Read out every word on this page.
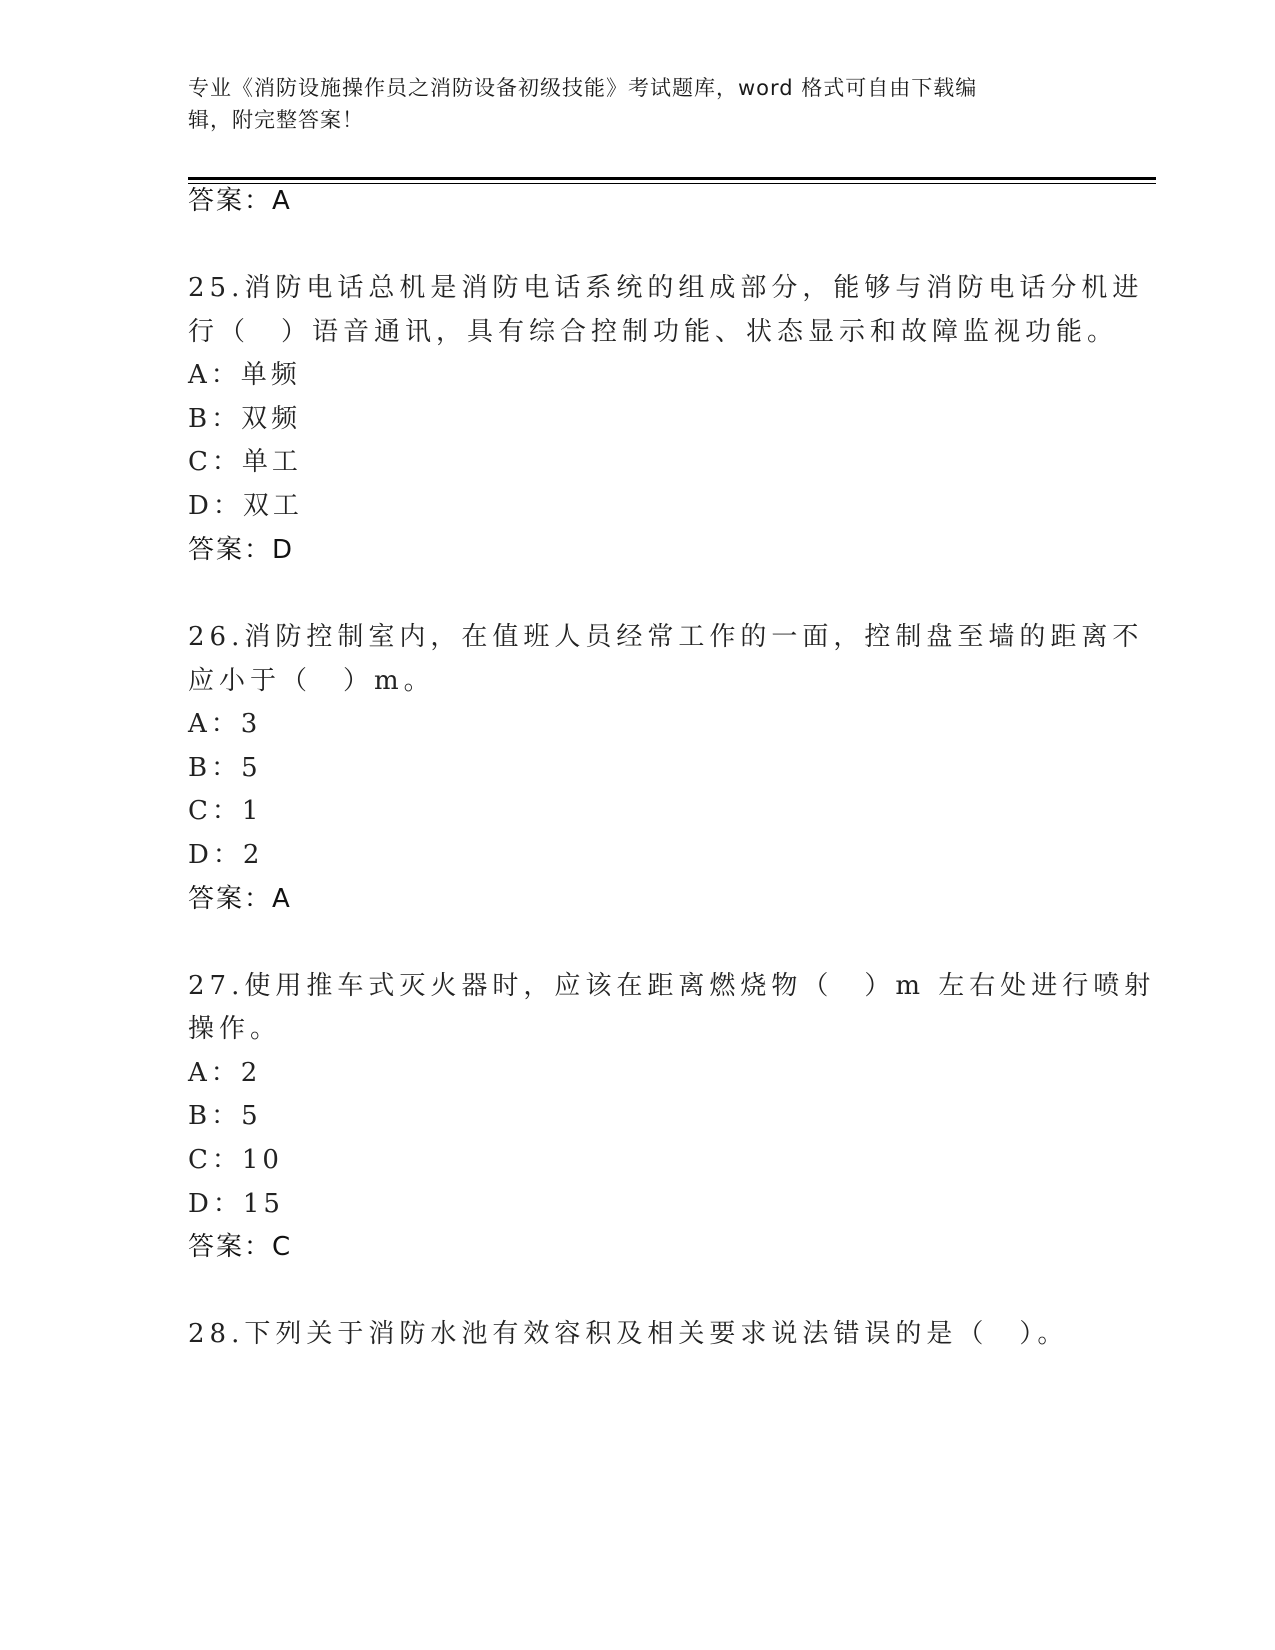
专业《消防设施操作员之消防设备初级技能》考试题库，word 格式可自由下载编
辑，附完整答案！
答案：A
25.消防电话总机是消防电话系统的组成部分，能够与消防电话分机进
行（　）语音通讯，具有综合控制功能、状态显示和故障监视功能。
A：单频
B：双频
C：单工
D：双工
答案：D
26.消防控制室内，在值班人员经常工作的一面，控制盘至墙的距离不
应小于（　）m。
A：3
B：5
C：1
D：2
答案：A
27.使用推车式灭火器时，应该在距离燃烧物（　）m 左右处进行喷射
操作。
A：2
B：5
C：10
D：15
答案：C
28.下列关于消防水池有效容积及相关要求说法错误的是（　）。
